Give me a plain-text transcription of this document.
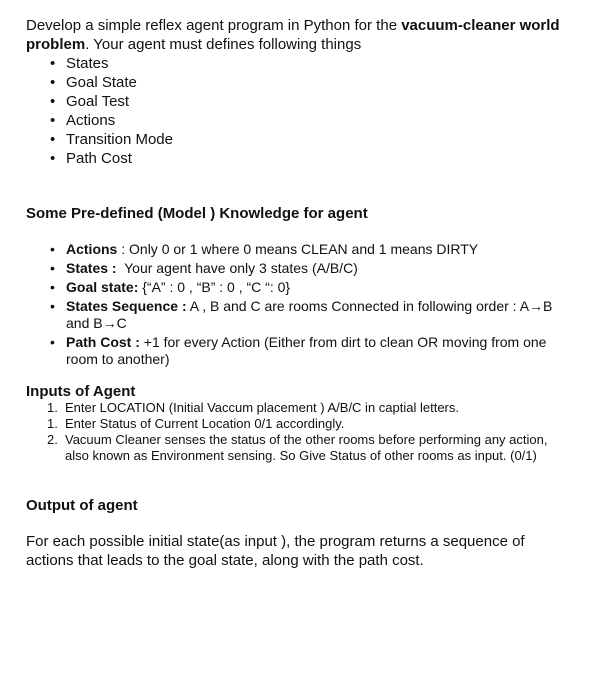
Develop a simple reflex agent program in Python for the vacuum-cleaner world problem. Your agent must defines following things

• States
• Goal State
• Goal Test
• Actions
• Transition Mode
• Path Cost
Some Pre-defined (Model ) Knowledge for agent
• Actions : Only 0 or 1 where 0 means CLEAN and 1 means DIRTY
• States : Your agent have only 3 states (A/B/C)
• Goal state: {“A” : 0 , “B” : 0 , “C “: 0}
• States Sequence : A , B and C are rooms Connected in following order : A→B and B→C
• Path Cost : +1 for every Action (Either from dirt to clean OR moving from one room to another)
Inputs of Agent
1. Enter LOCATION (Initial Vaccum placement ) A/B/C in captial letters.
1. Enter Status of Current Location 0/1 accordingly.
2. Vacuum Cleaner senses the status of the other rooms before performing any action, also known as Environment sensing. So Give Status of other rooms as input. (0/1)
Output of agent

For each possible initial state(as input ), the program returns a sequence of actions that leads to the goal state, along with the path cost.
